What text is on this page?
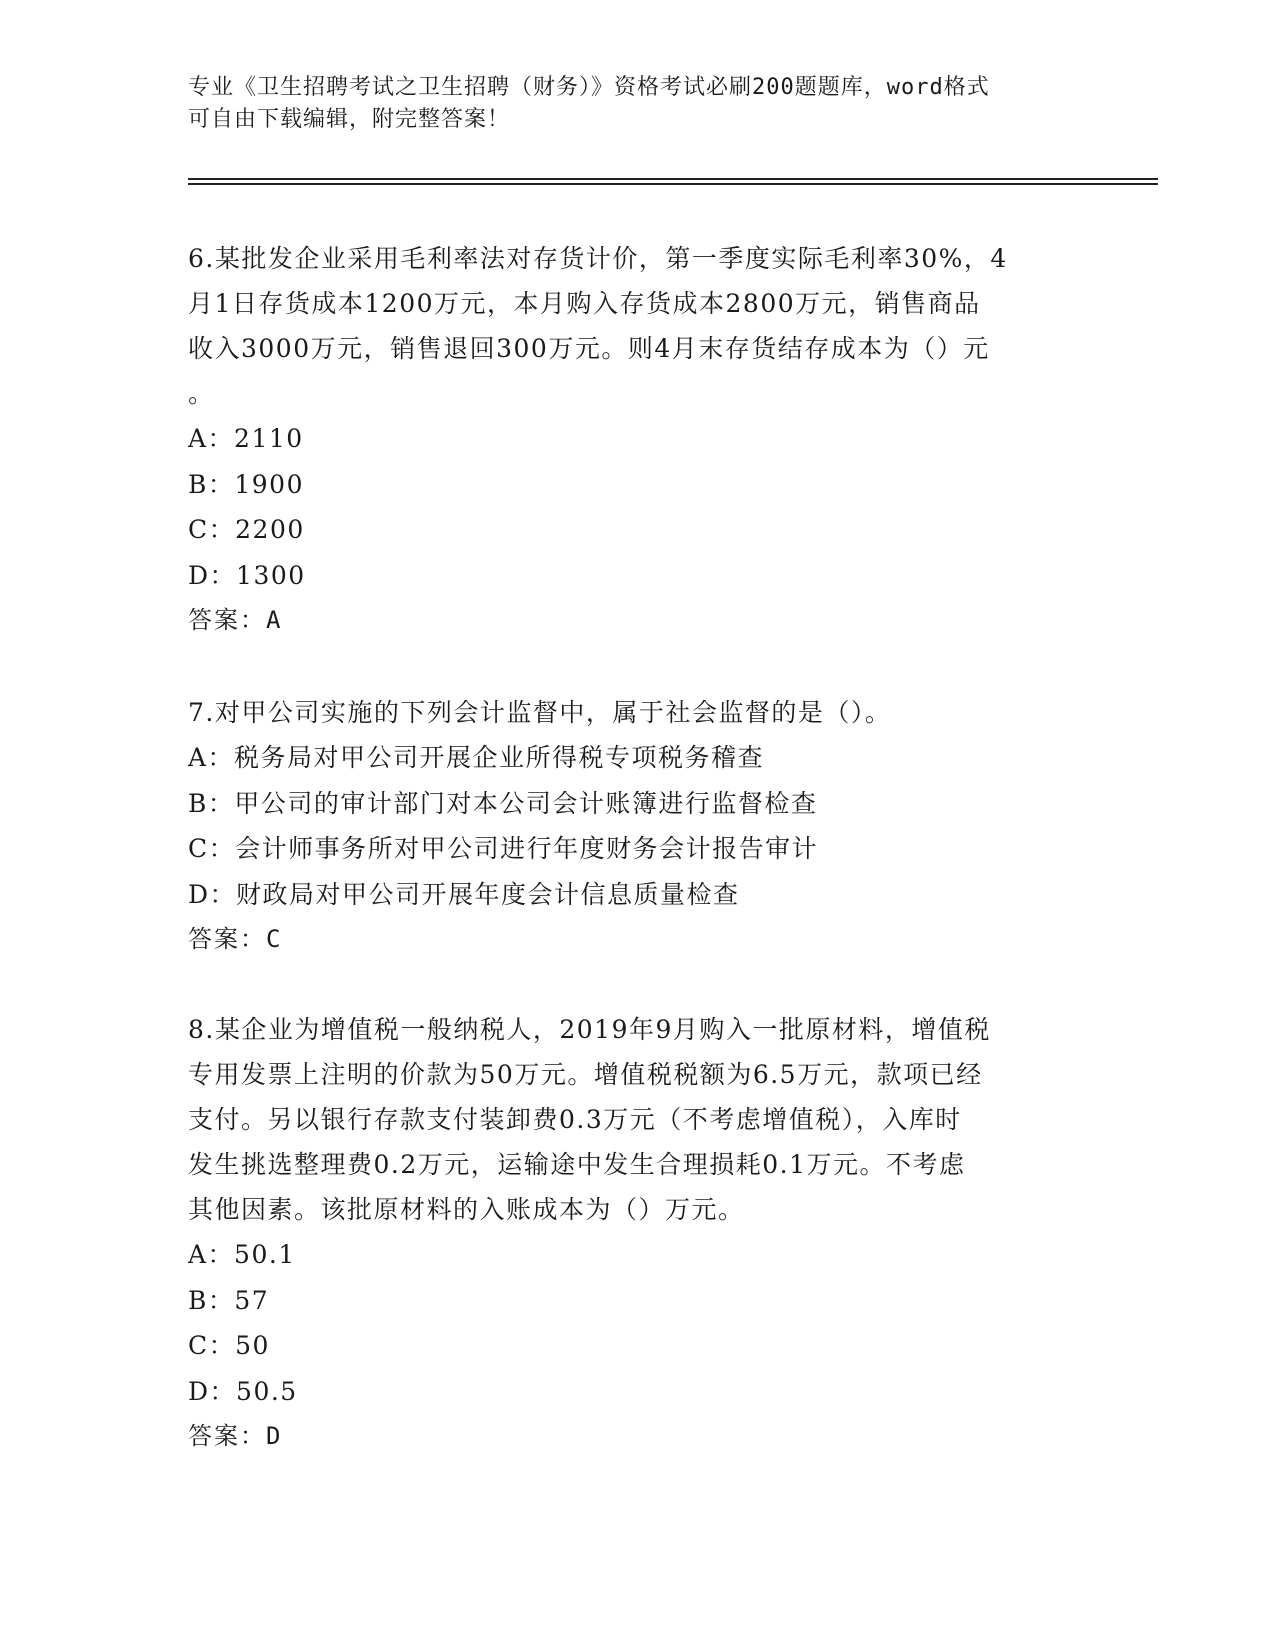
专业《卫生招聘考试之卫生招聘（财务）》资格考试必刷200题题库，word格式
可自由下载编辑，附完整答案！

6.某批发企业采用毛利率法对存货计价，第一季度实际毛利率30%，4
月1日存货成本1200万元，本月购入存货成本2800万元，销售商品
收入3000万元，销售退回300万元。则4月末存货结存成本为（）元
。

A：2110
B：1900
C：2200
D：1300
答案：A

7.对甲公司实施的下列会计监督中，属于社会监督的是（）。

A：税务局对甲公司开展企业所得税专项税务稽查
B：甲公司的审计部门对本公司会计账簿进行监督检查
C：会计师事务所对甲公司进行年度财务会计报告审计
D：财政局对甲公司开展年度会计信息质量检查
答案：C

8.某企业为增值税一般纳税人，2019年9月购入一批原材料，增值税
专用发票上注明的价款为50万元。增值税税额为6.5万元，款项已经
支付。另以银行存款支付装卸费0.3万元（不考虑增值税），入库时
发生挑选整理费0.2万元，运输途中发生合理损耗0.1万元。不考虑
其他因素。该批原材料的入账成本为（）万元。

A：50.1
B：57
C：50
D：50.5
答案：D
